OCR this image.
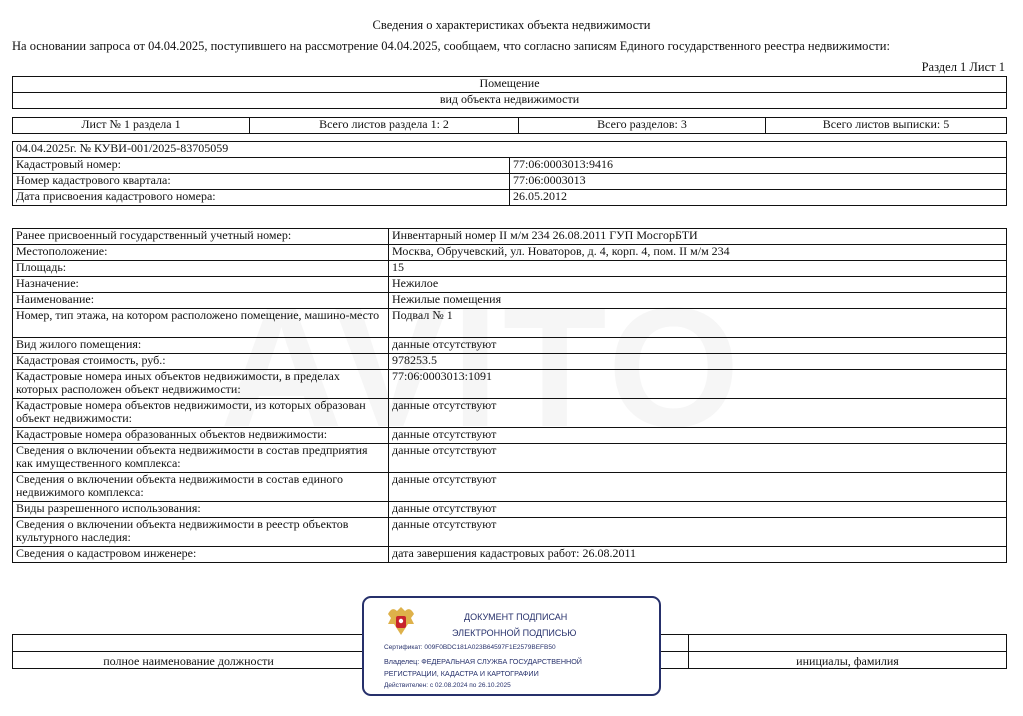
Сведения о характеристиках объекта недвижимости
На основании запроса от 04.04.2025, поступившего на рассмотрение 04.04.2025, сообщаем, что согласно записям Единого государственного реестра недвижимости:
Раздел 1 Лист 1
Помещение
вид объекта недвижимости
Лист № 1 раздела 1	Всего листов раздела 1: 2	Всего разделов: 3	Всего листов выписки: 5
04.04.2025г. № КУВИ-001/2025-83705059	
Кадастровый номер:	77:06:0003013:9416
Номер кадастрового квартала:	77:06:0003013
Дата присвоения кадастрового номера:	26.05.2012
Ранее присвоенный государственный учетный номер:	Инвентарный номер II м/м 234 26.08.2011 ГУП МосгорБТИ
Местоположение:	Москва, Обручевский, ул. Новаторов, д. 4, корп. 4, пом. II м/м 234
Площадь:	15
Назначение:	Нежилое
Наименование:	Нежилые помещения
Номер, тип этажа, на котором расположено помещение, машино-место	Подвал № 1
Вид жилого помещения:	данные отсутствуют
Кадастровая стоимость, руб.:	978253.5
Кадастровые номера иных объектов недвижимости, в пределах которых расположен объект недвижимости:	77:06:0003013:1091
Кадастровые номера объектов недвижимости, из которых образован объект недвижимости:	данные отсутствуют
Кадастровые номера образованных объектов недвижимости:	данные отсутствуют
Сведения о включении объекта недвижимости в состав предприятия как имущественного комплекса:	данные отсутствуют
Сведения о включении объекта недвижимости в состав единого недвижимого комплекса:	данные отсутствуют
Виды разрешенного использования:	данные отсутствуют
Сведения о включении объекта недвижимости в реестр объектов культурного наследия:	данные отсутствуют
Сведения о кадастровом инженере:	дата завершения кадастровых работ: 26.08.2011

полное наименование должности		инициалы, фамилия
ДОКУМЕНТ ПОДПИСАН
ЭЛЕКТРОННОЙ ПОДПИСЬЮ
Сертификат: 009F0BDC181A023B64597F1E2579BEFB50
Владелец: ФЕДЕРАЛЬНАЯ СЛУЖБА ГОСУДАРСТВЕННОЙ
РЕГИСТРАЦИИ, КАДАСТРА И КАРТОГРАФИИ
Действителен: с 02.08.2024 по 26.10.2025
